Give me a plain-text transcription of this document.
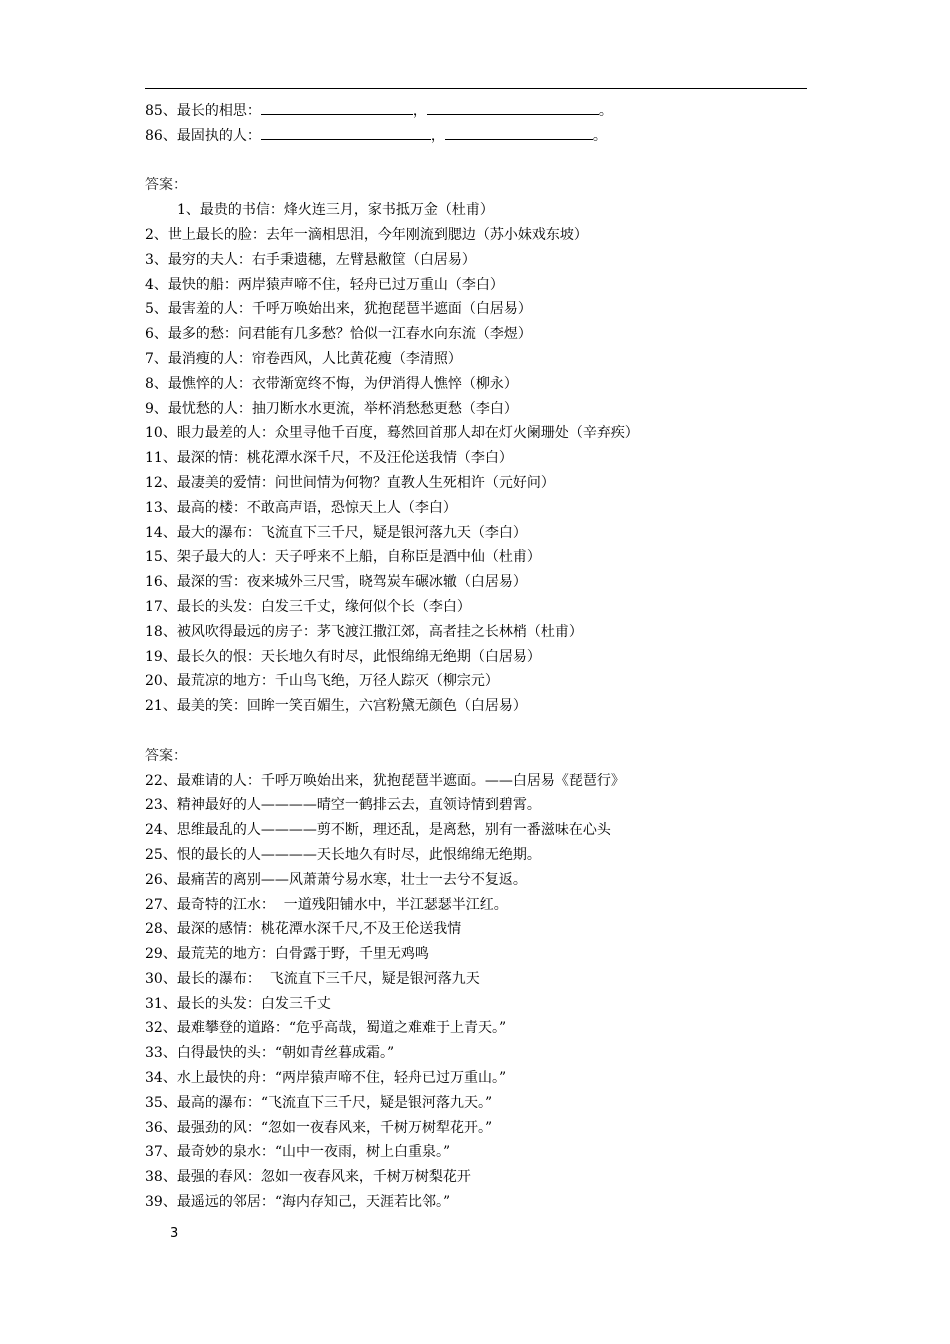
85、最长的相思：	，	。
86、最固执的人：	，	。
答案：
1、最贵的书信：烽火连三月，家书抵万金（杜甫）
2、世上最长的脸：去年一滴相思泪，今年刚流到腮边（苏小妹戏东坡）
3、最穷的夫人：右手秉遗穗，左臂悬敝筐（白居易）
4、最快的船：两岸猿声啼不住，轻舟已过万重山（李白）
5、最害羞的人：千呼万唤始出来，犹抱琵琶半遮面（白居易）
6、最多的愁：问君能有几多愁？恰似一江春水向东流（李煜）
7、最消瘦的人：帘卷西风，人比黄花瘦（李清照）
8、最憔悴的人：衣带渐宽终不悔，为伊消得人憔悴（柳永）
9、最忧愁的人：抽刀断水水更流，举杯消愁愁更愁（李白）
10、眼力最差的人：众里寻他千百度，蓦然回首那人却在灯火阑珊处（辛弃疾）
11、最深的情：桃花潭水深千尺，不及汪伦送我情（李白）
12、最凄美的爱情：问世间情为何物？直教人生死相许（元好问）
13、最高的楼：不敢高声语，恐惊天上人（李白）
14、最大的瀑布：飞流直下三千尺，疑是银河落九天（李白）
15、架子最大的人：天子呼来不上船，自称臣是酒中仙（杜甫）
16、最深的雪：夜来城外三尺雪，晓驾炭车碾冰辙（白居易）
17、最长的头发：白发三千丈，缘何似个长（李白）
18、被风吹得最远的房子：茅飞渡江撒江郊，高者挂之长林梢（杜甫）
19、最长久的恨：天长地久有时尽，此恨绵绵无绝期（白居易）
20、最荒凉的地方：千山鸟飞绝，万径人踪灭（柳宗元）
21、最美的笑：回眸一笑百媚生，六宫粉黛无颜色（白居易）
答案：
22、最难请的人：千呼万唤始出来，犹抱琵琶半遮面。——白居易《琵琶行》
23、精神最好的人————晴空一鹤排云去，直领诗情到碧霄。
24、思维最乱的人————剪不断，理还乱，是离愁，别有一番滋味在心头
25、恨的最长的人————天长地久有时尽，此恨绵绵无绝期。
26、最痛苦的离别——风萧萧兮易水寒，壮士一去兮不复返。
27、最奇特的江水：  一道残阳铺水中，半江瑟瑟半江红。
28、最深的感情：桃花潭水深千尺,不及王伦送我情
29、最荒芜的地方：白骨露于野，千里无鸡鸣
30、最长的瀑布：  飞流直下三千尺，疑是银河落九天
31、最长的头发：白发三千丈
32、最难攀登的道路：“危乎高哉，蜀道之难难于上青天。”
33、白得最快的头：“朝如青丝暮成霜。”
34、水上最快的舟：“两岸猿声啼不住，轻舟已过万重山。”
35、最高的瀑布：“飞流直下三千尺，疑是银河落九天。”
36、最强劲的风：“忽如一夜春风来，千树万树犁花开。”
37、最奇妙的泉水：“山中一夜雨，树上白重泉。”
38、最强的春风：忽如一夜春风来，千树万树梨花开
39、最遥远的邻居：“海内存知己，天涯若比邻。”
3
